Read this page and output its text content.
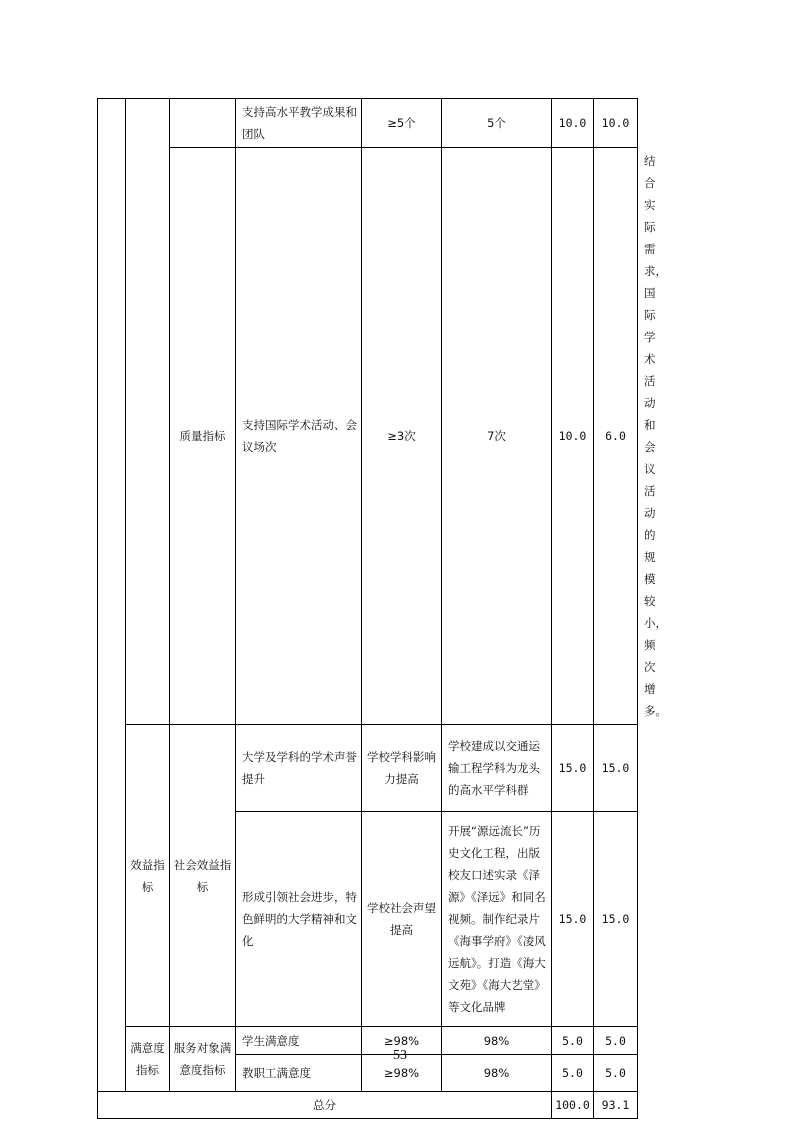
			支持高水平教学成果和团队	≥5个	5个	10.0	10.0	
		质量指标	支持国际学术活动、会议场次	≥3次	7次	10.0	6.0	结合实际需求，国际学术活动和会议活动的规模较小，频次增多。
	效益指标	社会效益指标	大学及学科的学术声誉提升	学校学科影响力提高	学校建成以交通运输工程学科为龙头的高水平学科群	15.0	15.0	
			形成引领社会进步，特色鲜明的大学精神和文化	学校社会声望提高	开展“源远流长”历史文化工程，出版校友口述实录《泽源》《泽远》和同名视频。制作纪录片《海事学府》《凌风远航》。打造《海大文苑》《海大艺堂》等文化品牌	15.0	15.0	
	满意度指标	服务对象满意度指标	学生满意度	≥98%	98%	5.0	5.0	
			教职工满意度	≥98%	98%	5.0	5.0	
总分						100.0	93.1	
53
